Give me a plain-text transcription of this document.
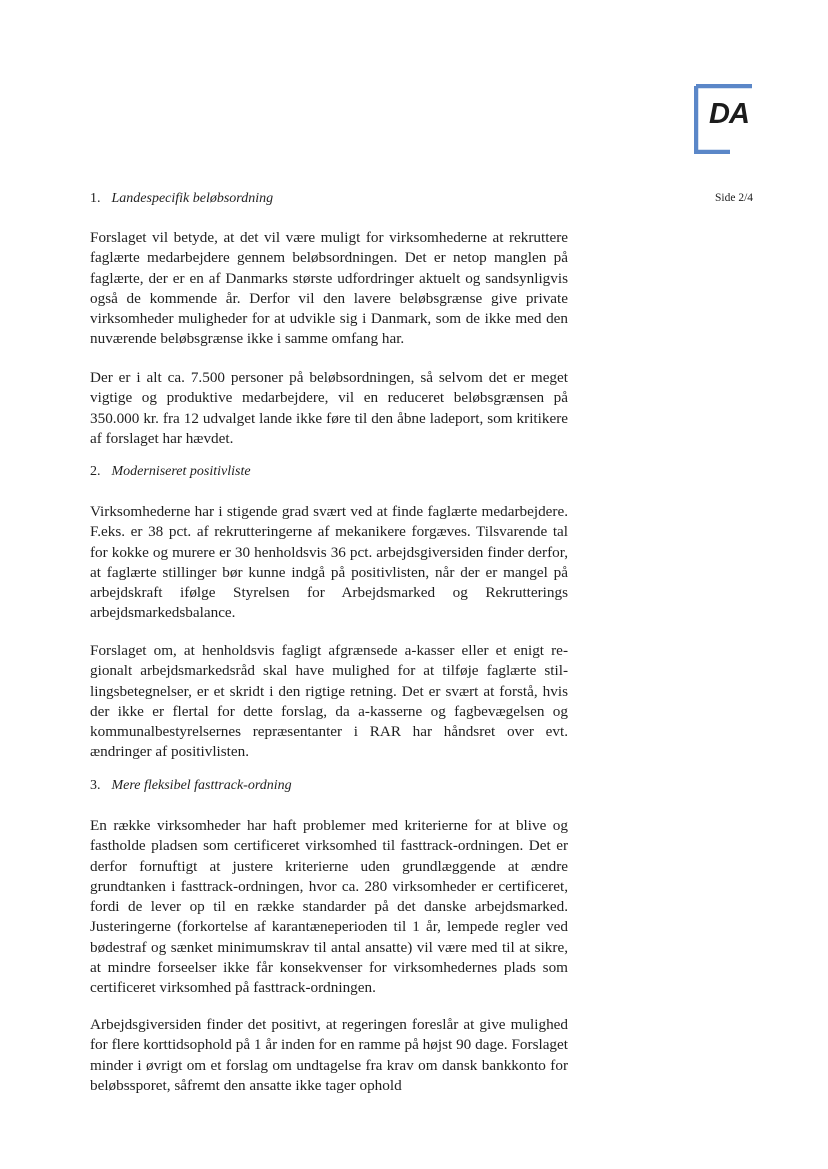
DA
Side 2/4

1. Landespecifik beløbsordning

Forslaget vil betyde, at det vil være muligt for virksomhederne at rekruttere faglærte medarbejdere gennem beløbsordningen. Det er netop manglen på faglærte, der er en af Danmarks største udfordringer aktuelt og sandsynligvis også de kommende år. Derfor vil den lavere beløbsgrænse give private virksomheder muligheder for at udvikle sig i Danmark, som de ikke med den nuværende beløbsgrænse ikke i samme omfang har.

Der er i alt ca. 7.500 personer på beløbsordningen, så selvom det er meget vigtige og produktive medarbejdere, vil en reduceret beløbsgrænsen på 350.000 kr. fra 12 udvalget lande ikke føre til den åbne ladeport, som kritikere af forslaget har hævdet.

2. Moderniseret positivliste

Virksomhederne har i stigende grad svært ved at finde faglærte medarbejdere. F.eks. er 38 pct. af rekrutteringerne af mekanikere forgæves. Tilsvarende tal for kokke og murere er 30 henholdsvis 36 pct. arbejdsgiversiden finder derfor, at faglærte stillinger bør kunne indgå på positivlisten, når der er mangel på arbejdskraft ifølge Styrelsen for Arbejdsmarked og Rekrutterings arbejdsmarkedsbalance.

Forslaget om, at henholdsvis fagligt afgrænsede a-kasser eller et enigt regionalt arbejdsmarkedsråd skal have mulighed for at tilføje faglærte stillingsbetegnelser, er et skridt i den rigtige retning. Det er svært at forstå, hvis der ikke er flertal for dette forslag, da a-kasserne og fagbevægelsen og kommunalbestyrelsernes repræsentanter i RAR har håndsret over evt. ændringer af positivlisten.

3. Mere fleksibel fasttrack-ordning

En række virksomheder har haft problemer med kriterierne for at blive og fastholde pladsen som certificeret virksomhed til fasttrack-ordningen. Det er derfor fornuftigt at justere kriterierne uden grundlæggende at ændre grundtanken i fasttrack-ordningen, hvor ca. 280 virksomheder er certificeret, fordi de lever op til en række standarder på det danske arbejdsmarked. Justeringerne (forkortelse af karantæneperioden til 1 år, lempede regler ved bødestraf og sænket minimumskrav til antal ansatte) vil være med til at sikre, at mindre forseelser ikke får konsekvenser for virksomhedernes plads som certificeret virksomhed på fasttrack-ordningen.

Arbejdsgiversiden finder det positivt, at regeringen foreslår at give mulighed for flere korttidsophold på 1 år inden for en ramme på højst 90 dage. Forslaget minder i øvrigt om et forslag om undtagelse fra krav om dansk bankkonto for beløbssporet, såfremt den ansatte ikke tager ophold
